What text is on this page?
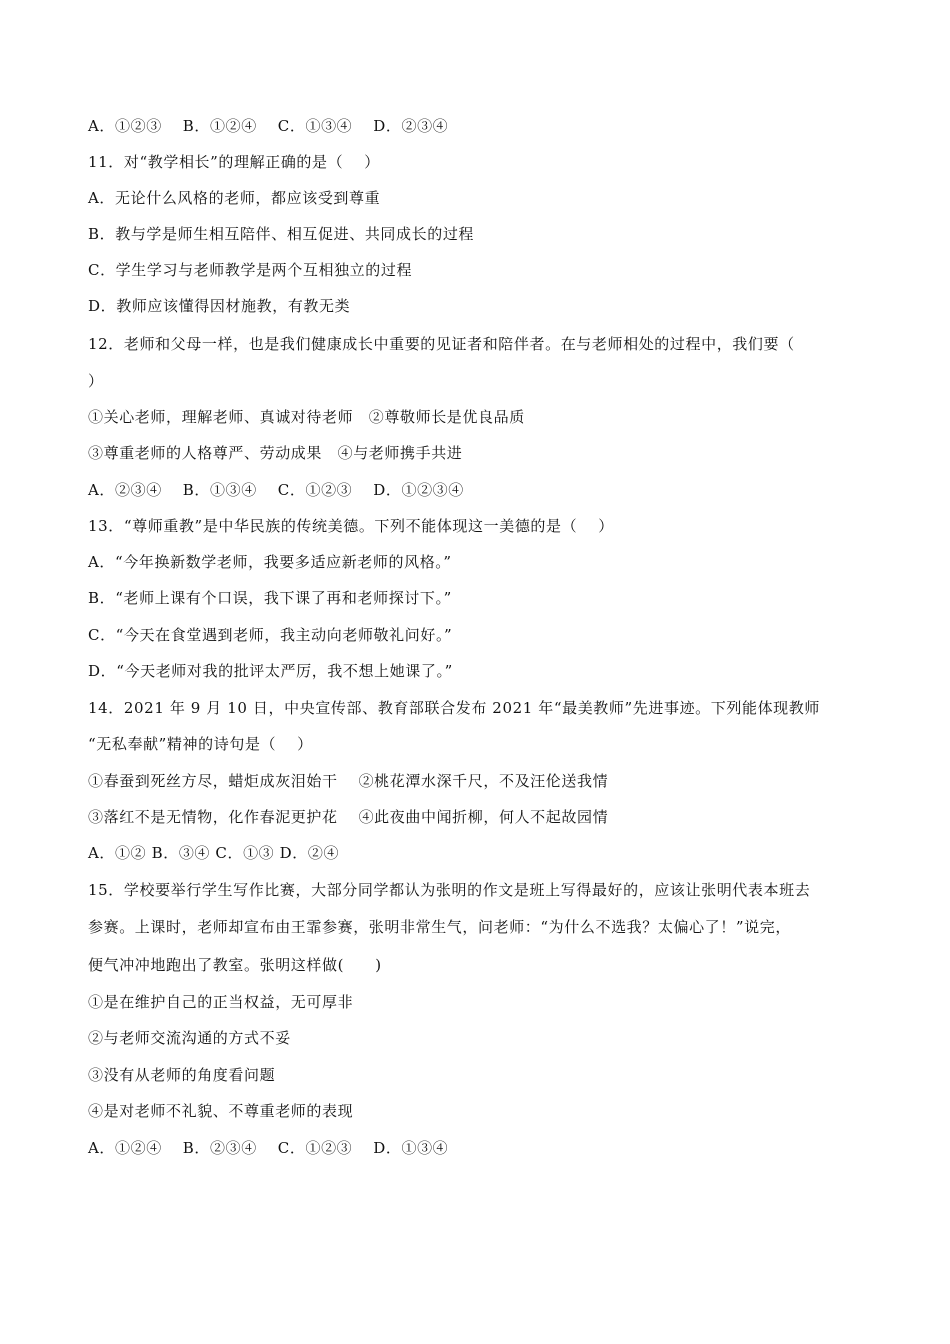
A．①②③　 B．①②④　 C．①③④　 D．②③④
11．对“教学相长”的理解正确的是（　 ）
A．无论什么风格的老师，都应该受到尊重
B．教与学是师生相互陪伴、相互促进、共同成长的过程
C．学生学习与老师教学是两个互相独立的过程
D．教师应该懂得因材施教，有教无类
12．老师和父母一样，也是我们健康成长中重要的见证者和陪伴者。在与老师相处的过程中，我们要（
）
①关心老师，理解老师、真诚对待老师　②尊敬师长是优良品质
③尊重老师的人格尊严、劳动成果　④与老师携手共进
A．②③④　 B．①③④　 C．①②③　 D．①②③④
13．“尊师重教”是中华民族的传统美德。下列不能体现这一美德的是（　 ）
A．“今年换新数学老师，我要多适应新老师的风格。”
B．“老师上课有个口误，我下课了再和老师探讨下。”
C．“今天在食堂遇到老师，我主动向老师敬礼问好。”
D．“今天老师对我的批评太严厉，我不想上她课了。”
14．2021 年 9 月 10 日，中央宣传部、教育部联合发布 2021 年“最美教师”先进事迹。下列能体现教师
“无私奉献”精神的诗句是（　 ）
①春蚕到死丝方尽，蜡炬成灰泪始干　 ②桃花潭水深千尺，不及汪伦送我情
③落红不是无情物，化作春泥更护花　 ④此夜曲中闻折柳，何人不起故园情
A．①② B．③④ C．①③ D．②④
15．学校要举行学生写作比赛，大部分同学都认为张明的作文是班上写得最好的，应该让张明代表本班去
参赛。上课时，老师却宣布由王霏参赛，张明非常生气，问老师：“为什么不选我？太偏心了！”说完，
便气冲冲地跑出了教室。张明这样做(　　)
①是在维护自己的正当权益，无可厚非
②与老师交流沟通的方式不妥
③没有从老师的角度看问题
④是对老师不礼貌、不尊重老师的表现
A．①②④　 B．②③④　 C．①②③　 D．①③④
